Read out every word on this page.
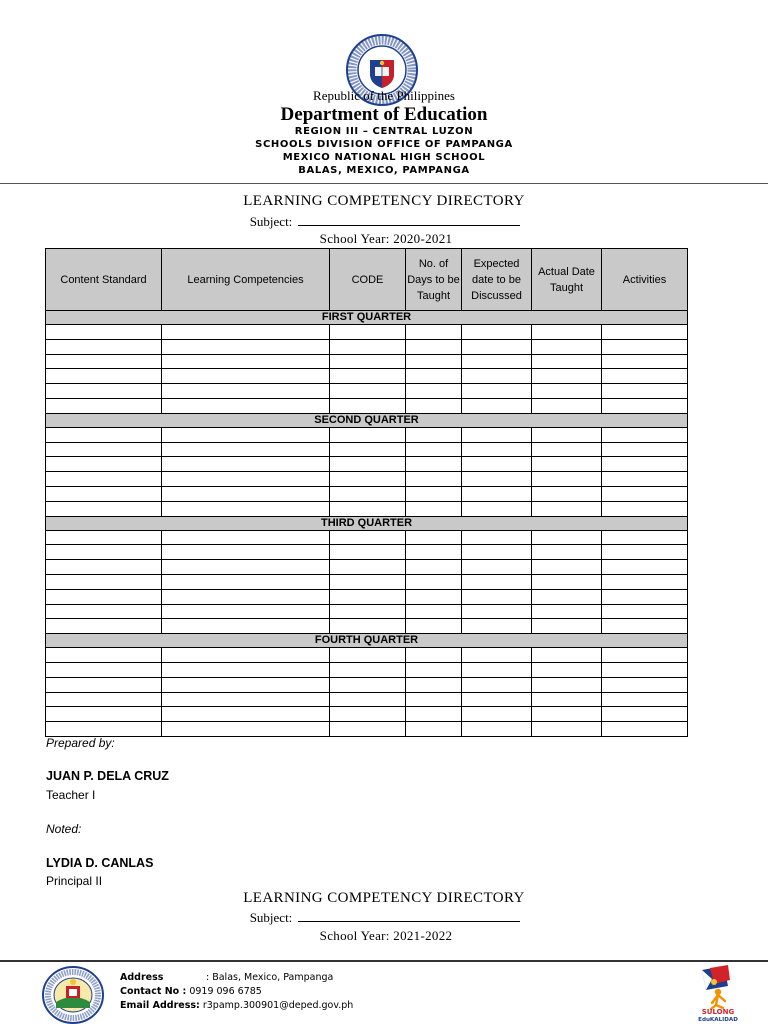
Republic of the Philippines
Department of Education
REGION III – CENTRAL LUZON
SCHOOLS DIVISION OFFICE OF PAMPANGA
MEXICO NATIONAL HIGH SCHOOL
BALAS, MEXICO, PAMPANGA
LEARNING COMPETENCY DIRECTORY
Subject:
School Year: 2020-2021
Content Standard	Learning Competencies	CODE	No. of Days to be Taught	Expected date to be Discussed	Actual Date Taught	Activities
FIRST QUARTER						

SECOND QUARTER						

THIRD QUARTER						

FOURTH QUARTER						

Prepared by:
JUAN P. DELA CRUZ
Teacher I
Noted:
LYDIA D. CANLAS
Principal II
LEARNING COMPETENCY DIRECTORY
Subject:
School Year: 2021-2022
Address	: Balas, Mexico, Pampanga
Contact No : 0919 096 6785
Email Address: r3pamp.300901@deped.gov.ph
SULONG
EduKALIDAD
